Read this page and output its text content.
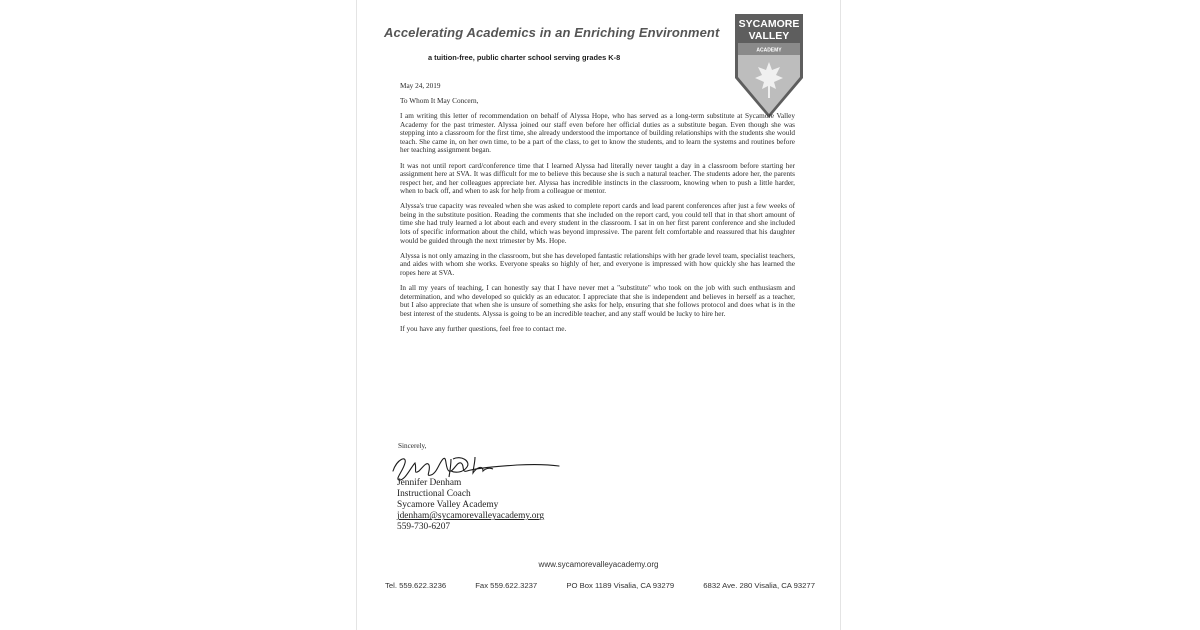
Accelerating Academics in an Enriching Environment
a tuition-free, public charter school serving grades K-8
SYCAMORE
VALLEY
ACADEMY
May 24, 2019
To Whom It May Concern,

I am writing this letter of recommendation on behalf of Alyssa Hope, who has served as a long-term substitute at Sycamore Valley Academy for the past trimester. Alyssa joined our staff even before her official duties as a substitute began. Even though she was stepping into a classroom for the first time, she already understood the importance of building relationships with the students she would teach. She came in, on her own time, to be a part of the class, to get to know the students, and to learn the systems and routines before her teaching assignment began.

It was not until report card/conference time that I learned Alyssa had literally never taught a day in a classroom before starting her assignment here at SVA. It was difficult for me to believe this because she is such a natural teacher. The students adore her, the parents respect her, and her colleagues appreciate her. Alyssa has incredible instincts in the classroom, knowing when to push a little harder, when to back off, and when to ask for help from a colleague or mentor.

Alyssa's true capacity was revealed when she was asked to complete report cards and lead parent conferences after just a few weeks of being in the substitute position. Reading the comments that she included on the report card, you could tell that in that short amount of time she had truly learned a lot about each and every student in the classroom. I sat in on her first parent conference and she included lots of specific information about the child, which was beyond impressive. The parent felt comfortable and reassured that his daughter would be guided through the next trimester by Ms. Hope.

Alyssa is not only amazing in the classroom, but she has developed fantastic relationships with her grade level team, specialist teachers, and aides with whom she works. Everyone speaks so highly of her, and everyone is impressed with how quickly she has learned the ropes here at SVA.

In all my years of teaching, I can honestly say that I have never met a "substitute" who took on the job with such enthusiasm and determination, and who developed so quickly as an educator. I appreciate that she is independent and believes in herself as a teacher, but I also appreciate that when she is unsure of something she asks for help, ensuring that she follows protocol and does what is in the best interest of the students. Alyssa is going to be an incredible teacher, and any staff would be lucky to hire her.

If you have any further questions, feel free to contact me.

Sincerely,
Jennifer Denham
Instructional Coach
Sycamore Valley Academy
jdenham@sycamorevalleyacademy.org
559-730-6207
www.sycamorevalleyacademy.org
Tel. 559.622.3236	Fax 559.622.3237	PO Box 1189 Visalia, CA 93279	6832 Ave. 280 Visalia, CA 93277
